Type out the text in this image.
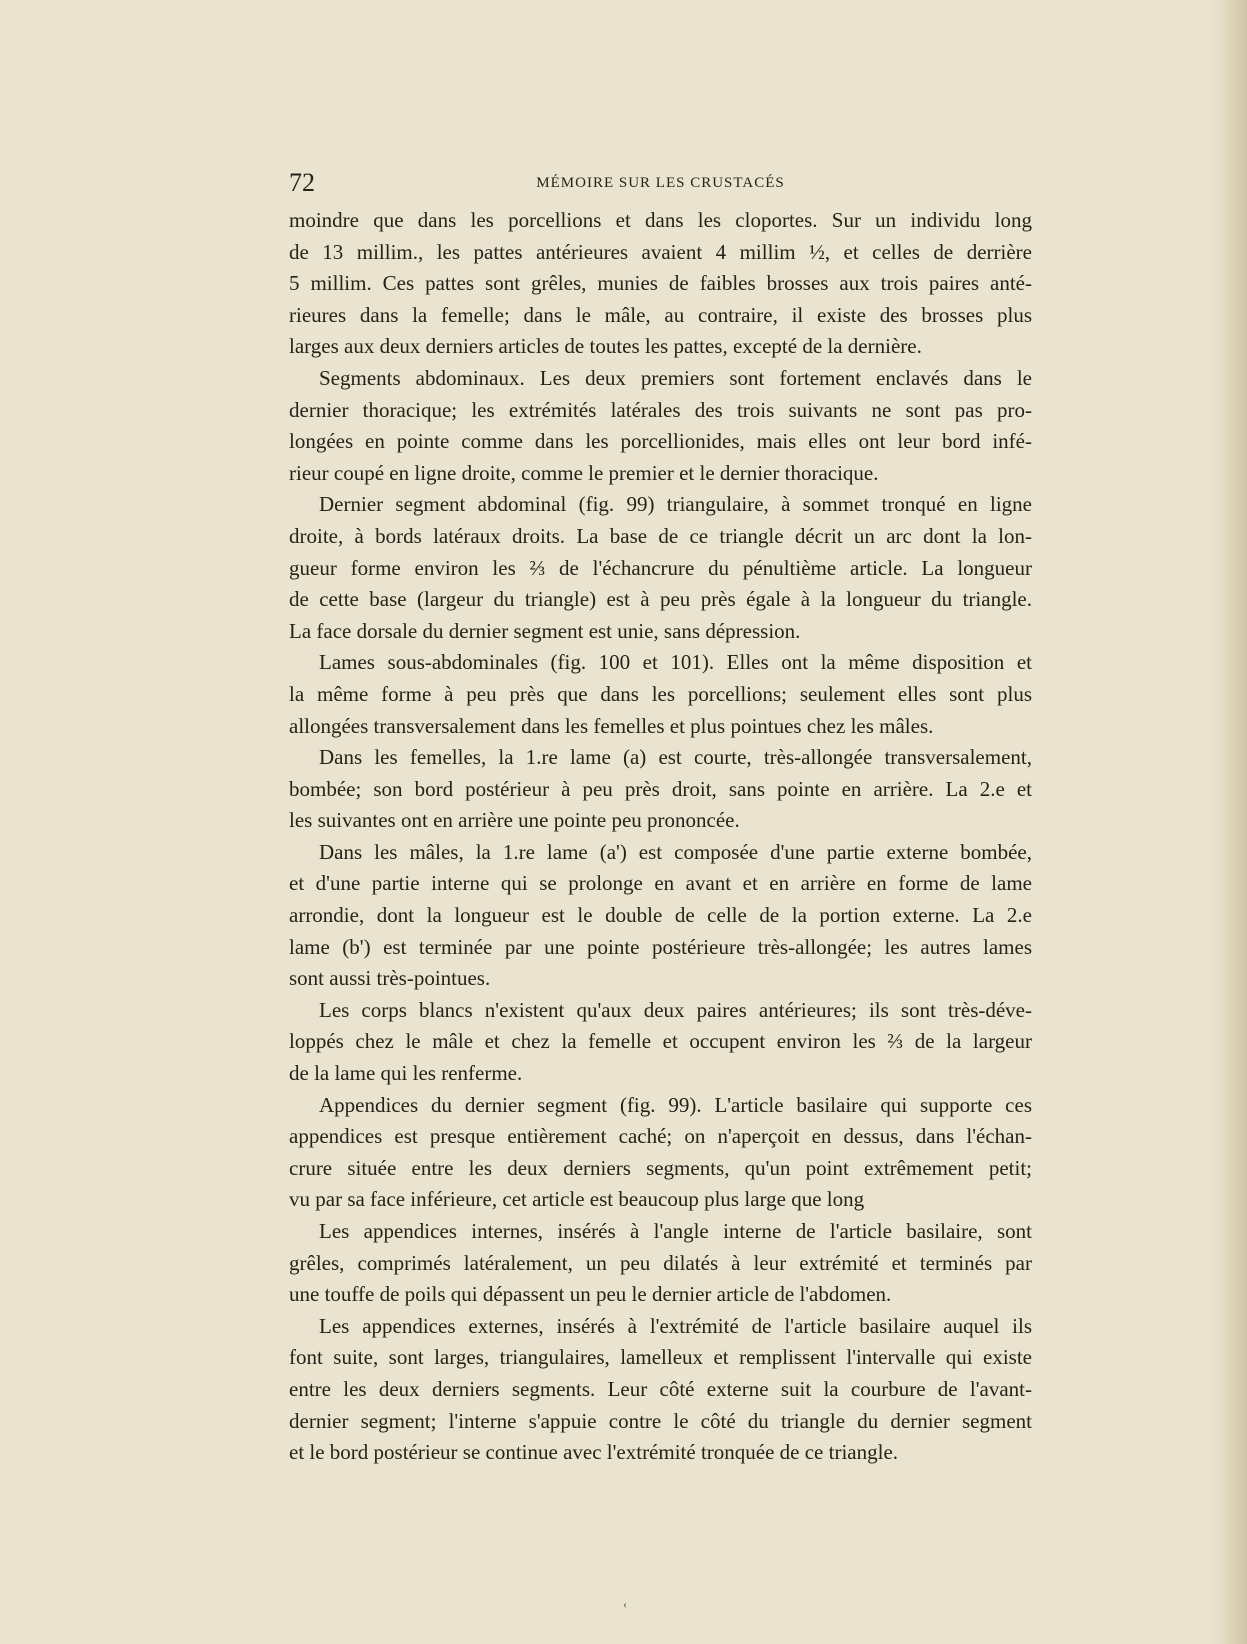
72	MÉMOIRE SUR LES CRUSTACÉS
moindre que dans les porcellions et dans les cloportes. Sur un individu long
de 13 millim., les pattes antérieures avaient 4 millim ½, et celles de derrière
5 millim. Ces pattes sont grêles, munies de faibles brosses aux trois paires anté-
rieures dans la femelle; dans le mâle, au contraire, il existe des brosses plus
larges aux deux derniers articles de toutes les pattes, excepté de la dernière.
Segments abdominaux. Les deux premiers sont fortement enclavés dans le
dernier thoracique; les extrémités latérales des trois suivants ne sont pas pro-
longées en pointe comme dans les porcellionides, mais elles ont leur bord infé-
rieur coupé en ligne droite, comme le premier et le dernier thoracique.
Dernier segment abdominal (fig. 99) triangulaire, à sommet tronqué en ligne
droite, à bords latéraux droits. La base de ce triangle décrit un arc dont la lon-
gueur forme environ les ⅔ de l'échancrure du pénultième article. La longueur
de cette base (largeur du triangle) est à peu près égale à la longueur du triangle.
La face dorsale du dernier segment est unie, sans dépression.
Lames sous-abdominales (fig. 100 et 101). Elles ont la même disposition et
la même forme à peu près que dans les porcellions; seulement elles sont plus
allongées transversalement dans les femelles et plus pointues chez les mâles.
Dans les femelles, la 1.re lame (a) est courte, très-allongée transversalement,
bombée; son bord postérieur à peu près droit, sans pointe en arrière. La 2.e et
les suivantes ont en arrière une pointe peu prononcée.
Dans les mâles, la 1.re lame (a') est composée d'une partie externe bombée,
et d'une partie interne qui se prolonge en avant et en arrière en forme de lame
arrondie, dont la longueur est le double de celle de la portion externe. La 2.e
lame (b') est terminée par une pointe postérieure très-allongée; les autres lames
sont aussi très-pointues.
Les corps blancs n'existent qu'aux deux paires antérieures; ils sont très-déve-
loppés chez le mâle et chez la femelle et occupent environ les ⅔ de la largeur
de la lame qui les renferme.
Appendices du dernier segment (fig. 99). L'article basilaire qui supporte ces
appendices est presque entièrement caché; on n'aperçoit en dessus, dans l'échan-
crure située entre les deux derniers segments, qu'un point extrêmement petit;
vu par sa face inférieure, cet article est beaucoup plus large que long
Les appendices internes, insérés à l'angle interne de l'article basilaire, sont
grêles, comprimés latéralement, un peu dilatés à leur extrémité et terminés par
une touffe de poils qui dépassent un peu le dernier article de l'abdomen.
Les appendices externes, insérés à l'extrémité de l'article basilaire auquel ils
font suite, sont larges, triangulaires, lamelleux et remplissent l'intervalle qui existe
entre les deux derniers segments. Leur côté externe suit la courbure de l'avant-
dernier segment; l'interne s'appuie contre le côté du triangle du dernier segment
et le bord postérieur se continue avec l'extrémité tronquée de ce triangle.
‹
